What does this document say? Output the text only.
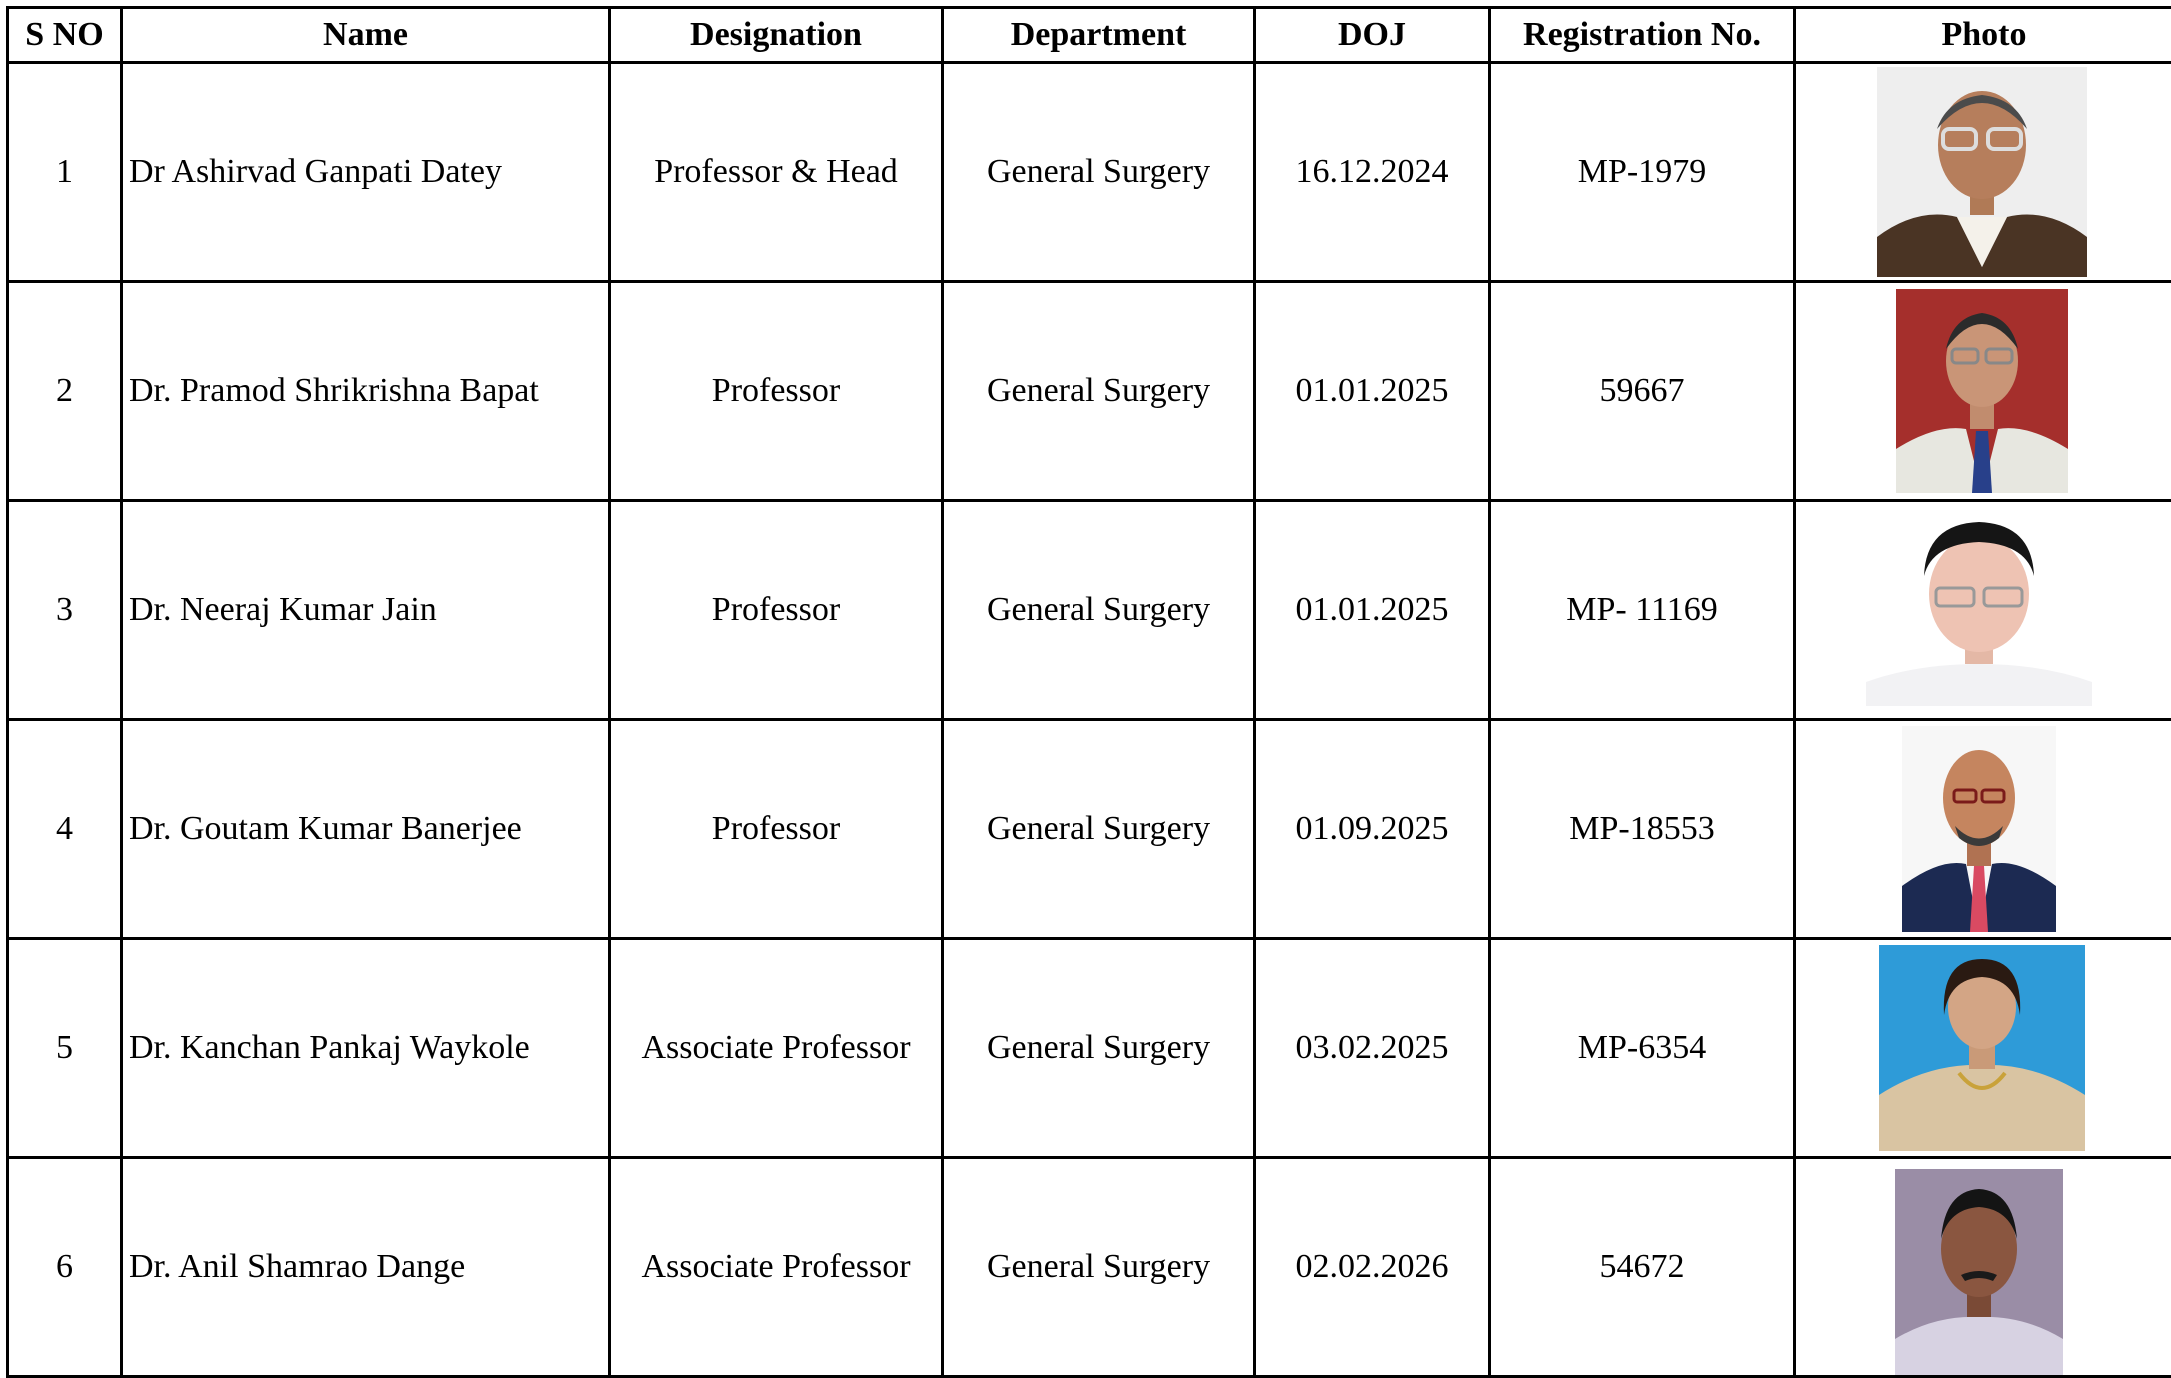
S NO	Name	Designation	Department	DOJ	Registration No.	Photo
1	Dr Ashirvad Ganpati Datey	Professor & Head	General Surgery	16.12.2024	MP-1979	

2	Dr. Pramod Shrikrishna Bapat	Professor	General Surgery	01.01.2025	59667	

3	Dr. Neeraj Kumar Jain	Professor	General Surgery	01.01.2025	MP- 11169	

4	Dr. Goutam Kumar Banerjee	Professor	General Surgery	01.09.2025	MP-18553	

5	Dr. Kanchan Pankaj Waykole	Associate Professor	General Surgery	03.02.2025	MP-6354	

6	Dr. Anil Shamrao Dange	Associate Professor	General Surgery	02.02.2026	54672	
